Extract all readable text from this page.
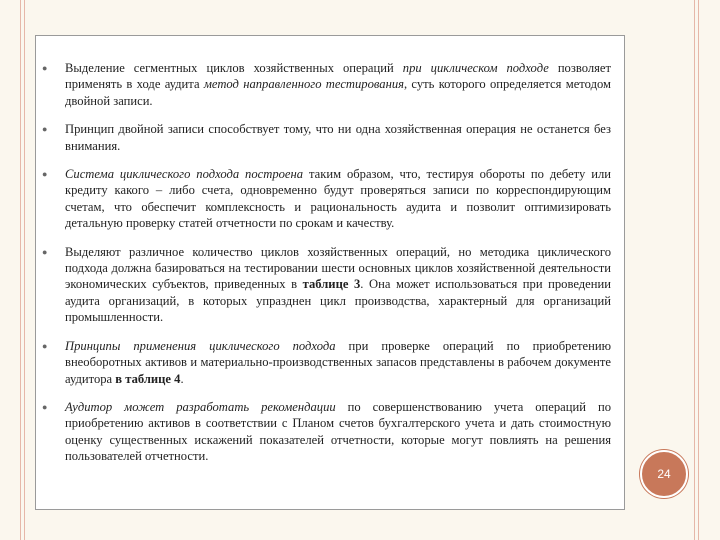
● Выделение сегментных циклов хозяйственных операций при циклическом подходе позволяет применять в ходе аудита метод направленного тестирования, суть которого определяется методом двойной записи.
● Принцип двойной записи способствует тому, что ни одна хозяйственная операция не останется без внимания.
● Система циклического подхода построена таким образом, что, тестируя обороты по дебету или кредиту какого – либо счета, одновременно будут проверяться записи по корреспондирующим счетам, что обеспечит комплексность и рациональность аудита и позволит оптимизировать детальную проверку статей отчетности по срокам и качеству.
● Выделяют различное количество циклов хозяйственных операций, но методика циклического подхода должна базироваться на тестировании шести основных циклов хозяйственной деятельности экономических субъектов, приведенных в таблице 3. Она может использоваться при проведении аудита организаций, в которых упразднен цикл производства, характерный для организаций промышленности.
● Принципы применения циклического подхода при проверке операций по приобретению внеоборотных активов и материально-производственных запасов представлены в рабочем документе аудитора в таблице 4.
● Аудитор может разработать рекомендации по совершенствованию учета операций по приобретению активов в соответствии с Планом счетов бухгалтерского учета и дать стоимостную оценку существенных искажений показателей отчетности, которые могут повлиять на решения пользователей отчетности.
24
